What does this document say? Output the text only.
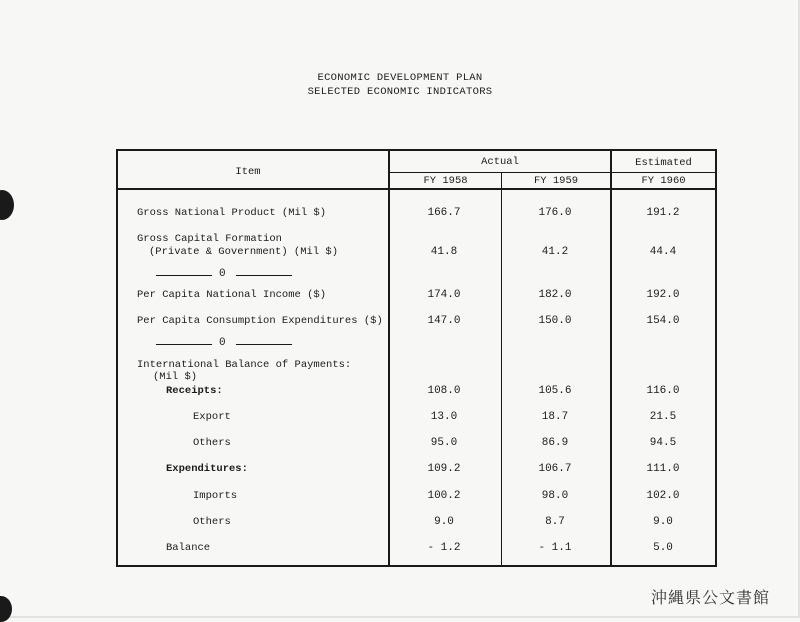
ECONOMIC DEVELOPMENT PLAN
SELECTED ECONOMIC INDICATORS
Item
Actual	Estimated
FY 1958	FY 1959	FY 1960
Gross National Product (Mil $)	166.7	176.0	191.2
Gross Capital Formation
(Private & Government) (Mil $)	41.8	41.2	44.4
0
Per Capita National Income ($)	174.0	182.0	192.0
Per Capita Consumption Expenditures ($)	147.0	150.0	154.0
0
International Balance of Payments:
(Mil $)
Receipts:	108.0	105.6	116.0
Export	13.0	18.7	21.5
Others	95.0	86.9	94.5
Expenditures:	109.2	106.7	111.0
Imports	100.2	98.0	102.0
Others	9.0	8.7	9.0
Balance	- 1.2	- 1.1	5.0
沖縄県公文書館
